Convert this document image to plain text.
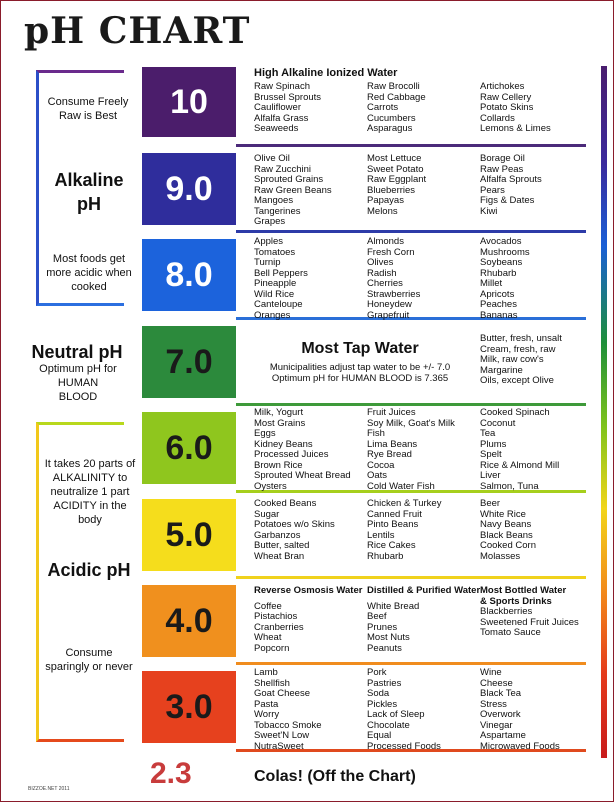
pH CHART
Consume Freely Raw is Best
Alkaline pH
Most foods get more acidic when cooked
Neutral pH
Optimum pH for HUMAN BLOOD
It takes 20 parts of ALKALINITY to neutralize 1 part ACIDITY in the body
Acidic pH
Consume sparingly or never
10
9.0
8.0
7.0
6.0
5.0
4.0
3.0
High Alkaline Ionized Water
Raw Spinach
Brussel Sprouts
Cauliflower
Alfalfa Grass
Seaweeds
Raw Brocolli
Red Cabbage
Carrots
Cucumbers
Asparagus
Artichokes
Raw Cellery
Potato Skins
Collards
Lemons & Limes
Olive Oil
Raw Zucchini
Sprouted Grains
Raw Green Beans
Mangoes
Tangerines
Grapes
Most Lettuce
Sweet Potato
Raw Eggplant
Blueberries
Papayas
Melons
Borage Oil
Raw Peas
Alfalfa Sprouts
Pears
Figs & Dates
Kiwi
Apples
Tomatoes
Turnip
Bell Peppers
Pineapple
Wild Rice
Canteloupe
Oranges
Almonds
Fresh Corn
Olives
Radish
Cherries
Strawberries
Honeydew
Grapefruit
Avocados
Mushrooms
Soybeans
Rhubarb
Millet
Apricots
Peaches
Bananas
Most Tap Water
Municipalities adjust tap water to be +/- 7.0
Optimum pH for HUMAN BLOOD is 7.365
Butter, fresh, unsalt
Cream, fresh, raw
Milk, raw cow's
Margarine
Oils, except Olive
Milk, Yogurt
Most Grains
Eggs
Kidney Beans
Processed Juices
Brown Rice
Sprouted Wheat Bread
Oysters
Fruit Juices
Soy Milk, Goat's Milk
Fish
Lima Beans
Rye Bread
Cocoa
Oats
Cold Water Fish
Cooked Spinach
Coconut
Tea
Plums
Spelt
Rice & Almond Mill
Liver
Salmon, Tuna
Cooked Beans
Sugar
Potatoes w/o Skins
Garbanzos
Butter, salted
Wheat Bran
Chicken & Turkey
Canned Fruit
Pinto Beans
Lentils
Rice Cakes
Rhubarb
Beer
White Rice
Navy Beans
Black Beans
Cooked Corn
Molasses
Reverse Osmosis Water
Coffee
Pistachios
Cranberries
Wheat
Popcorn
Distilled & Purified Water
White Bread
Beef
Prunes
Most Nuts
Peanuts
Most Bottled Water
& Sports Drinks
Blackberries
Sweetened Fruit Juices
Tomato Sauce
Lamb
Shellfish
Goat Cheese
Pasta
Worry
Tobacco Smoke
Sweet'N Low
NutraSweet
Pork
Pastries
Soda
Pickles
Lack of Sleep
Chocolate
Equal
Processed Foods
Wine
Cheese
Black Tea
Stress
Overwork
Vinegar
Aspartame
Microwaved Foods
2.3	Colas! (Off the Chart)
BIZZOE.NET 2011
